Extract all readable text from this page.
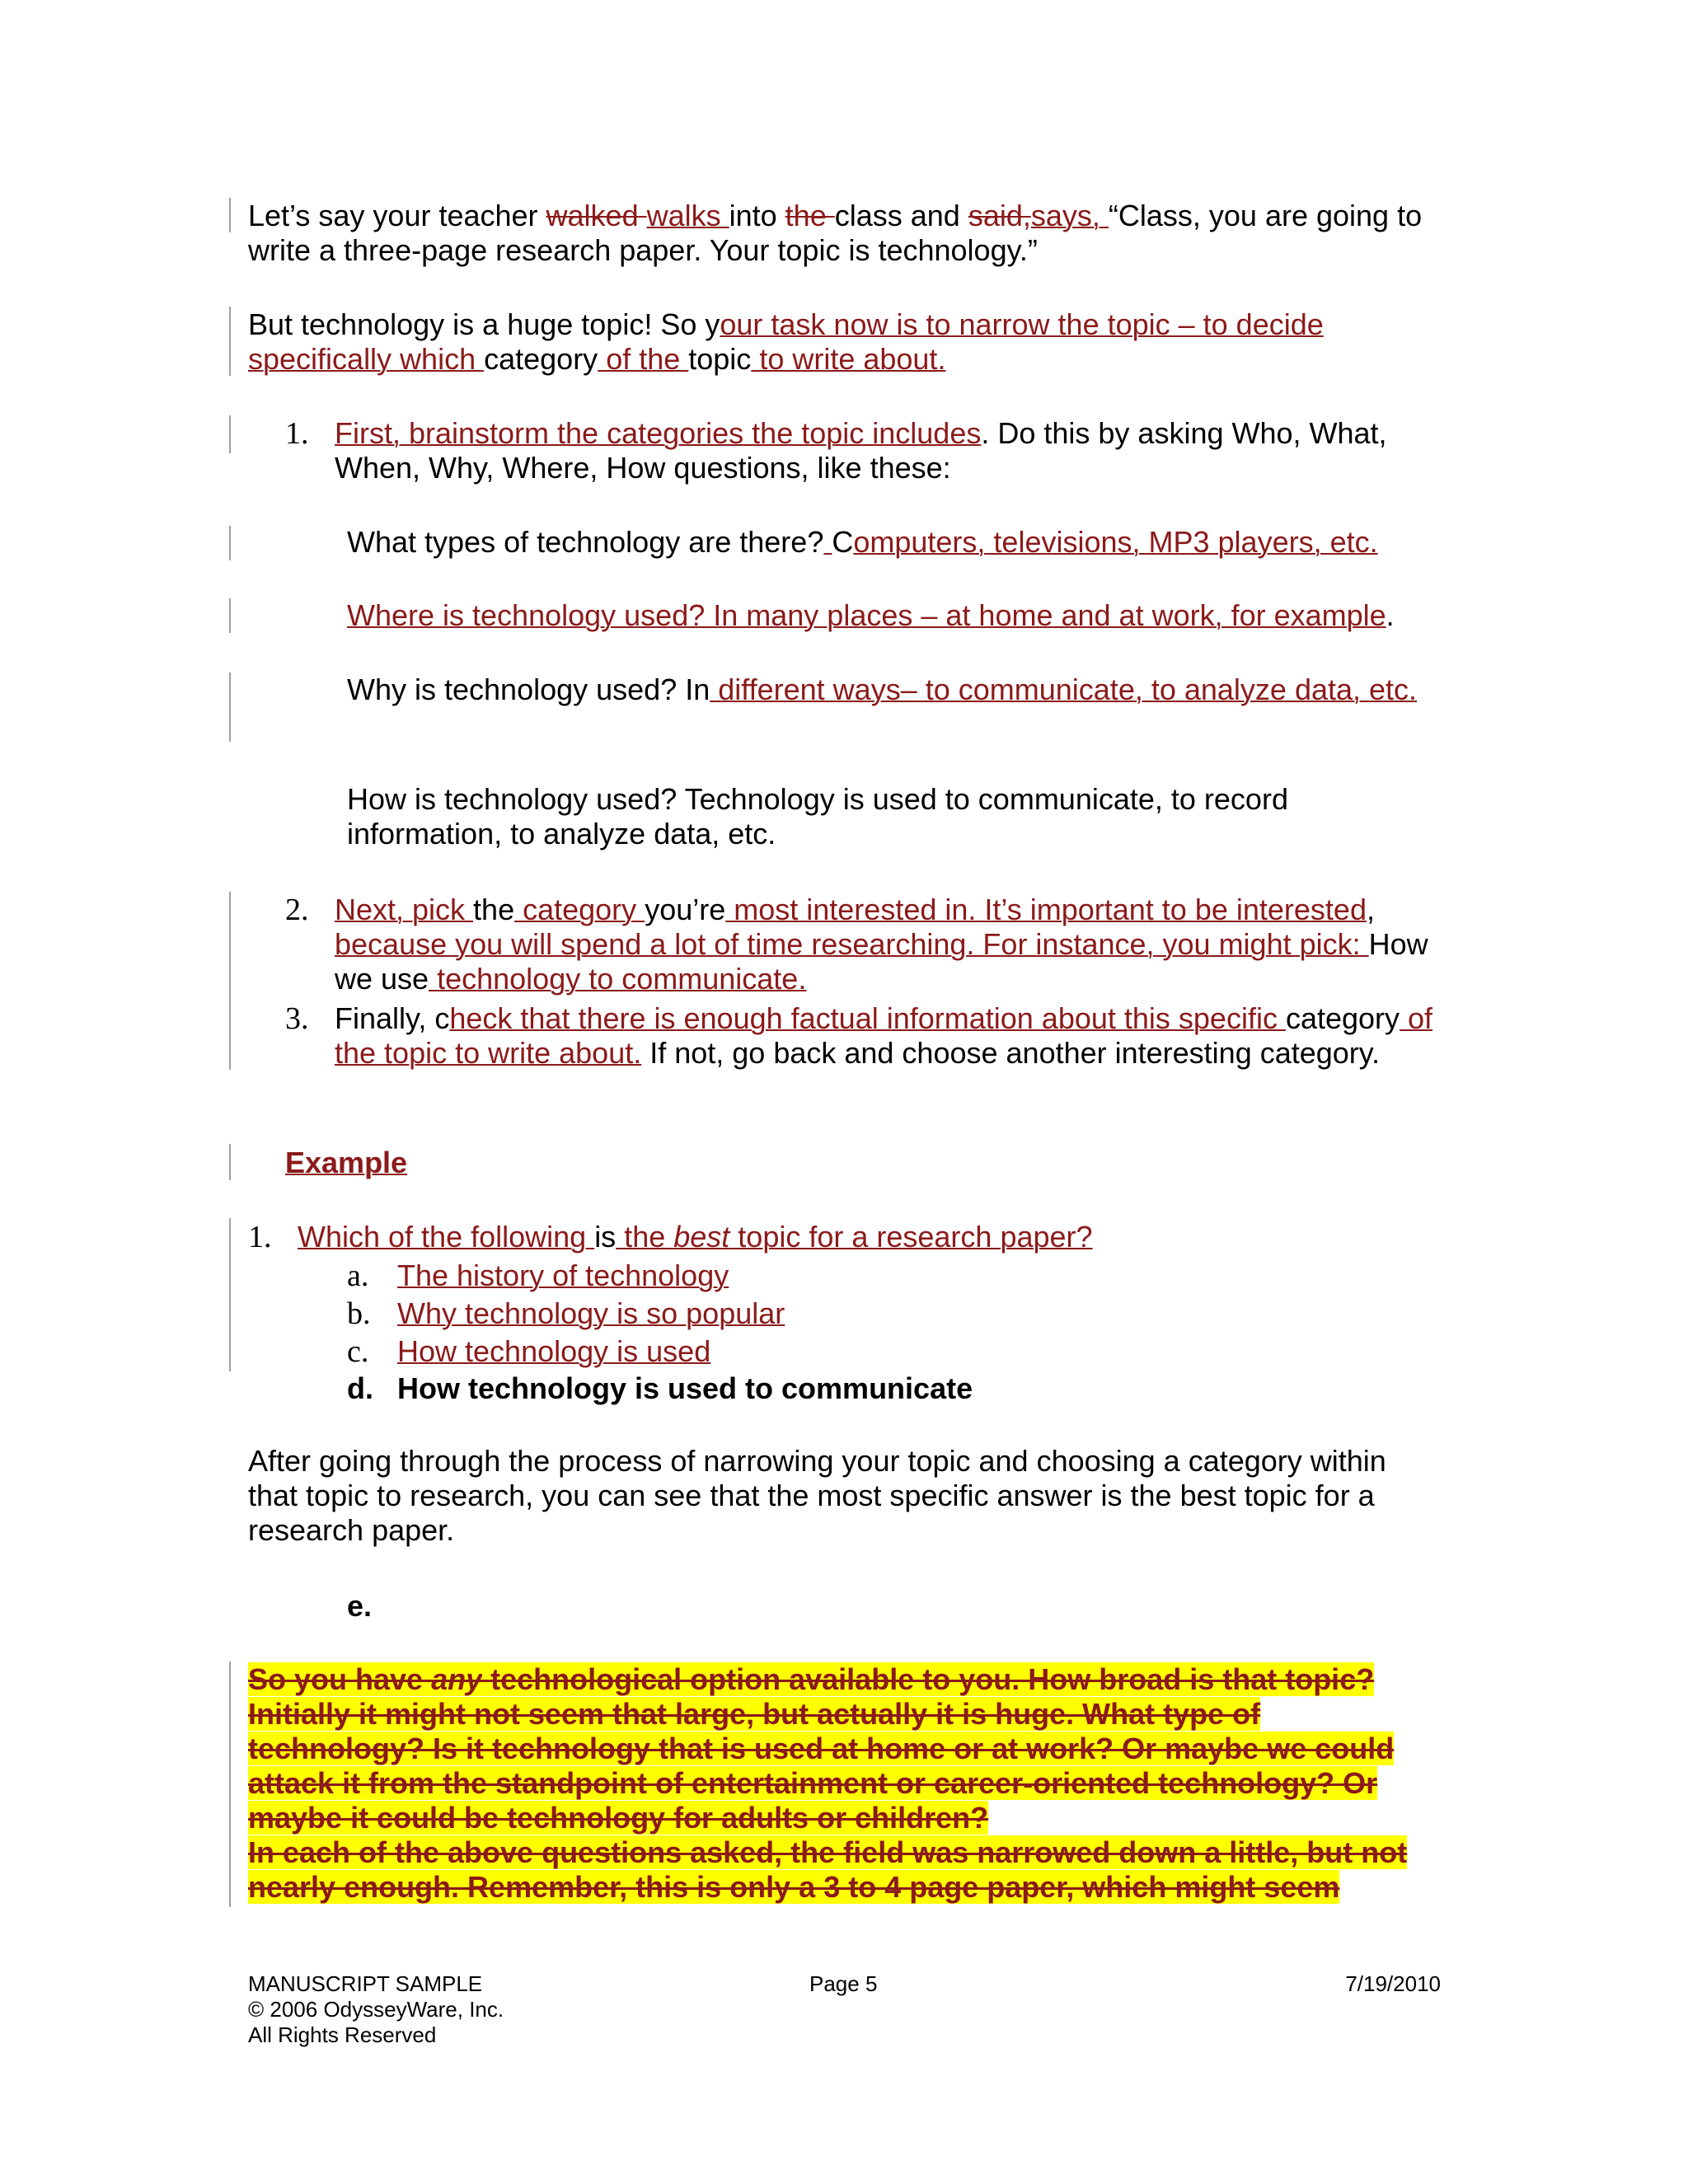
Let’s say your teacher walked walks into the class and said,says, “Class, you are going to write a three-page research paper. Your topic is technology.”
But technology is a huge topic! So your task now is to narrow the topic – to decide specifically which category of the topic to write about.
1. First, brainstorm the categories the topic includes. Do this by asking Who, What, When, Why, Where, How questions, like these:
What types of technology are there? Computers, televisions, MP3 players, etc.
Where is technology used? In many places – at home and at work, for example.
Why is technology used? In different ways– to communicate, to analyze data, etc.
How is technology used? Technology is used to communicate, to record information, to analyze data, etc.
2. Next, pick the category you’re most interested in. It’s important to be interested, because you will spend a lot of time researching. For instance, you might pick: How we use technology to communicate.
3. Finally, check that there is enough factual information about this specific category of the topic to write about. If not, go back and choose another interesting category.
Example
1. Which of the following is the best topic for a research paper?
a. The history of technology
b. Why technology is so popular
c. How technology is used
d. How technology is used to communicate
After going through the process of narrowing your topic and choosing a category within that topic to research, you can see that the most specific answer is the best topic for a research paper.
e.
So you have any technological option available to you. How broad is that topic?
Initially it might not seem that large, but actually it is huge. What type of
technology? Is it technology that is used at home or at work? Or maybe we could
attack it from the standpoint of entertainment or career-oriented technology? Or
maybe it could be technology for adults or children?
In each of the above questions asked, the field was narrowed down a little, but not
nearly enough. Remember, this is only a 3 to 4 page paper, which might seem
MANUSCRIPT SAMPLE
© 2006 OdysseyWare, Inc.
All Rights Reserved
Page 5	7/19/2010
